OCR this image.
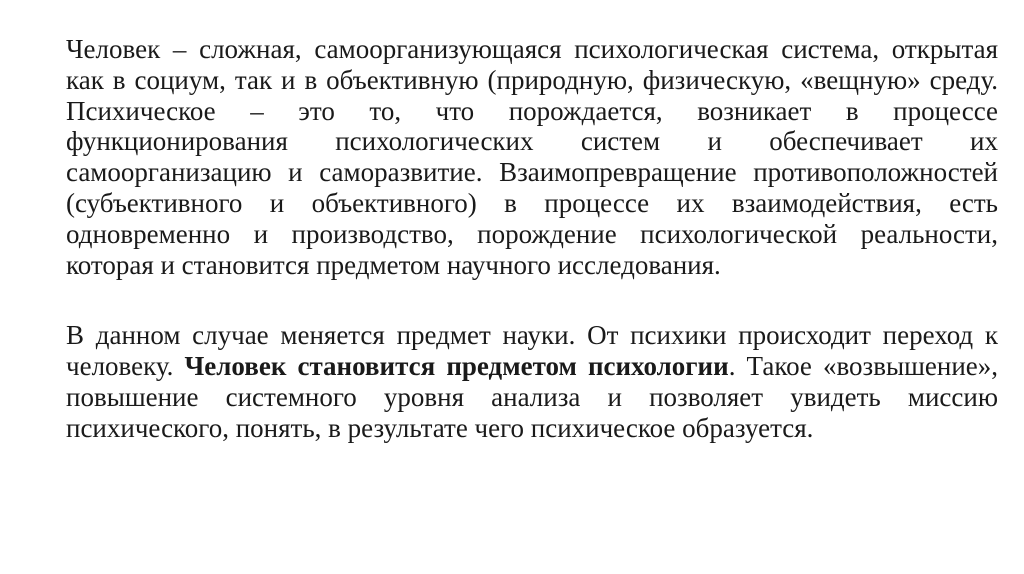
Человек – сложная, самоорганизующаяся психологическая система, открытая как в социум, так и в объективную (природную, физическую, «вещную» среду. Психическое – это то, что порождается, возникает в процессе функционирования психологических систем и обеспечивает их самоорганизацию и саморазвитие. Взаимопревращение противоположностей (субъективного и объективного) в процессе их взаимодействия, есть одновременно и производство, порождение психологической реальности, которая и становится предметом научного исследования.

В данном случае меняется предмет науки. От психики происходит переход к человеку. Человек становится предметом психологии. Такое «возвышение», повышение системного уровня анализа и позволяет увидеть миссию психического, понять, в результате чего психическое образуется.
